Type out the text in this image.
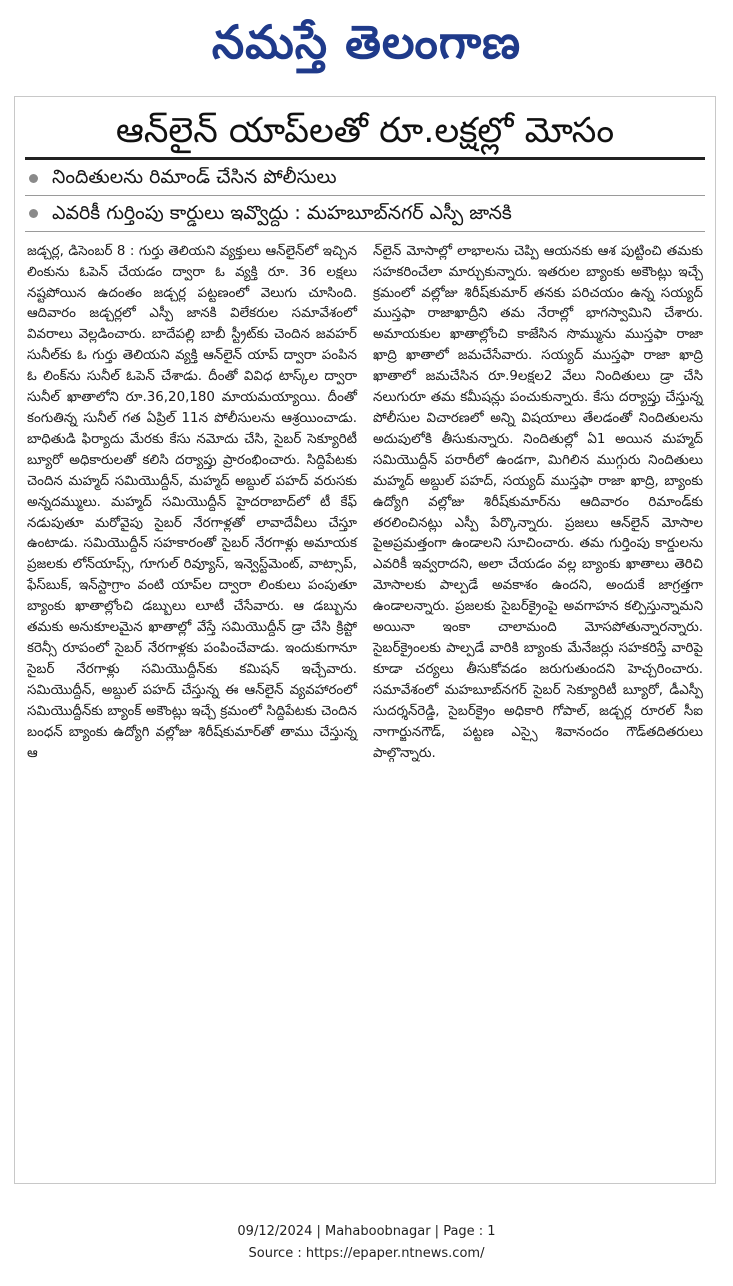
నమస్తే తెలంగాణ
ఆన్‌లైన్ యాప్‌లతో రూ.లక్షల్లో మోసం
నిందితులను రిమాండ్ చేసిన పోలీసులు
ఎవరికీ గుర్తింపు కార్డులు ఇవ్వొద్దు : మహబూబ్‌నగర్ ఎస్పీ జానకి
జడ్చర్ల, డిసెంబర్ 8 : గుర్తు తెలియని వ్యక్తులు ఆన్‌లైన్‌లో ఇచ్చిన లింకును ఓపెన్ చేయడం ద్వారా ఓ వ్యక్తి రూ. 36 లక్షలు నష్టపోయిన ఉదంతం జడ్చర్ల పట్టణంలో వెలుగు చూసింది. ఆదివారం జడ్చర్లలో ఎస్పీ జానకి విలేకరుల సమావేశంలో వివరాలు వెల్లడించారు. బాదేపల్లి బాబీ స్ట్రీట్‌కు చెందిన జవహర్ సునీల్‌కు ఓ గుర్తు తెలియని వ్యక్తి ఆన్‌లైన్ యాప్ ద్వారా పంపిన ఓ లింక్‌ను సునీల్ ఓపెన్ చేశాడు. దీంతో వివిధ టాస్క్‌ల ద్వారా సునీల్ ఖాతాలోని రూ.36,20,180 మాయమయ్యాయి. దీంతో కంగుతిన్న సునీల్ గత ఏప్రిల్ 11న పోలీసులను ఆశ్రయించాడు. బాధితుడి ఫిర్యాదు మేరకు కేసు నమోదు చేసి, సైబర్ సెక్యూరిటీ బ్యూరో అధికారులతో కలిసి దర్యాప్తు ప్రారంభించారు. సిద్దిపేటకు చెందిన మహ్మద్ సమియొద్దీన్, మహ్మద్ అబ్దుల్ పహద్ వరుసకు అన్నదమ్ములు. మహ్మద్ సమియొద్దీన్ హైదరాబాద్‌లో టీ కేఫ్ నడుపుతూ మరోవైపు సైబర్ నేరగాళ్లతో లావాదేవీలు చేస్తూ ఉంటాడు. సమియొద్దీన్ సహకారంతో సైబర్ నేరగాళ్లు అమాయక ప్రజలకు లోన్‌యాప్స్, గూగుల్ రివ్యూస్, ఇన్వెస్ట్‌మెంట్, వాట్సాప్, ఫేస్‌బుక్, ఇన్‌స్టాగ్రాం వంటి యాప్‌ల ద్వారా లింకులు పంపుతూ బ్యాంకు ఖాతాల్లోంచి డబ్బులు లూటీ చేసేవారు. ఆ డబ్బును తమకు అనుకూలమైన ఖాతాల్లో వేస్తే సమియొద్దీన్ డ్రా చేసి క్రిప్టో కరెన్సీ రూపంలో సైబర్ నేరగాళ్లకు పంపించేవాడు. ఇందుకుగానూ సైబర్ నేరగాళ్లు సమియొద్దీన్‌కు కమిషన్ ఇచ్చేవారు. సమియొద్దీన్, అబ్దుల్ పహద్ చేస్తున్న ఈ ఆన్‌లైన్ వ్యవహారంలో సమియొద్దీన్‌కు బ్యాంక్ అకౌంట్లు ఇచ్చే క్రమంలో సిద్దిపేటకు చెందిన బంధన్ బ్యాంకు ఉద్యోగి వల్లోజు శిరీష్‌కుమార్‌తో తాము చేస్తున్న ఆ
న్‌లైన్ మోసాల్లో లాభాలను చెప్పి ఆయనకు ఆశ పుట్టించి తమకు సహకరించేలా మార్చుకున్నారు. ఇతరుల బ్యాంకు అకౌంట్లు ఇచ్చే క్రమంలో వల్లోజు శిరీష్‌కుమార్ తనకు పరిచయం ఉన్న సయ్యద్ ముస్తఫా రాజాఖాద్రీని తమ నేరాల్లో భాగస్వామిని చేశారు. అమాయకుల ఖాతాల్లోంచి కాజేసిన సొమ్మును ముస్తఫా రాజా ఖాద్రి ఖాతాలో జమచేసేవారు. సయ్యద్ ముస్తఫా రాజా ఖాద్రి ఖాతాలో జమచేసిన రూ.9లక్షల2 వేలు నిందితులు డ్రా చేసి నలుగురూ తమ కమీషన్లు పంచుకున్నారు. కేసు దర్యాప్తు చేస్తున్న పోలీసుల విచారణలో అన్ని విషయాలు తేలడంతో నిందితులను అదుపులోకి తీసుకున్నారు. నిందితుల్లో ఏ1 అయిన మహ్మద్ సమియొద్దీన్ పరారీలో ఉండగా, మిగిలిన ముగ్గురు నిందితులు మహ్మద్ అబ్దుల్ పహద్, సయ్యద్ ముస్తఫా రాజా ఖాద్రి, బ్యాంకు ఉద్యోగి వల్లోజు శిరీష్‌కుమార్‌ను ఆదివారం రిమాండ్‌కు తరలించినట్లు ఎస్పీ పేర్కొన్నారు. ప్రజలు ఆన్‌లైన్ మోసాల పైఅప్రమత్తంగా ఉండాలని సూచించారు. తమ గుర్తింపు కార్డులను ఎవరికీ ఇవ్వరాదని, అలా చేయడం వల్ల బ్యాంకు ఖాతాలు తెరిచి మోసాలకు పాల్పడే అవకాశం ఉందని, అందుకే జాగ్రత్తగా ఉండాలన్నారు. ప్రజలకు సైబర్‌క్రైంపై అవగాహన కల్పిస్తున్నామని అయినా ఇంకా చాలామంది మోసపోతున్నారన్నారు. సైబర్‌క్రైంలకు పాల్పడే వారికి బ్యాంకు మేనేజర్లు సహకరిస్తే వారిపై కూడా చర్యలు తీసుకోవడం జరుగుతుందని హెచ్చరించారు. సమావేశంలో మహబూబ్‌నగర్ సైబర్ సెక్యూరిటీ బ్యూరో, డీఎస్పీ సుదర్శన్‌రెడ్డి, సైబర్‌క్రైం అధికారి గోపాల్, జడ్చర్ల రూరల్ సీఐ నాగార్జునగౌడ్, పట్టణ ఎస్సై శివానందం గౌడ్‌తదితరులు పాల్గొన్నారు.
09/12/2024 | Mahaboobnagar | Page : 1
Source : https://epaper.ntnews.com/
